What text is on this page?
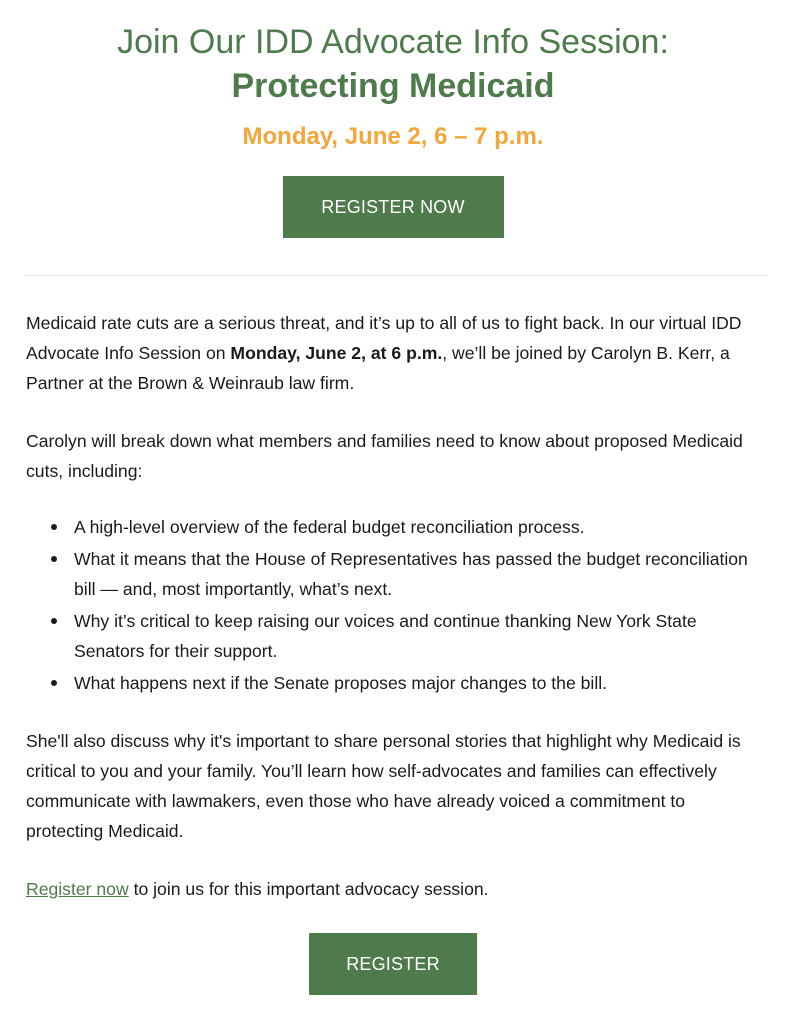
Join Our IDD Advocate Info Session:
Protecting Medicaid
Monday, June 2, 6 – 7 p.m.
REGISTER NOW

Medicaid rate cuts are a serious threat, and it’s up to all of us to fight back. In our virtual IDD Advocate Info Session on Monday, June 2, at 6 p.m., we’ll be joined by Carolyn B. Kerr, a Partner at the Brown & Weinraub law firm.

Carolyn will break down what members and families need to know about proposed Medicaid cuts, including:

A high-level overview of the federal budget reconciliation process.
What it means that the House of Representatives has passed the budget reconciliation bill — and, most importantly, what’s next.
Why it’s critical to keep raising our voices and continue thanking New York State Senators for their support.
What happens next if the Senate proposes major changes to the bill.

She'll also discuss why it's important to share personal stories that highlight why Medicaid is critical to you and your family. You’ll learn how self-advocates and families can effectively communicate with lawmakers, even those who have already voiced a commitment to protecting Medicaid.

Register now to join us for this important advocacy session.

REGISTER
